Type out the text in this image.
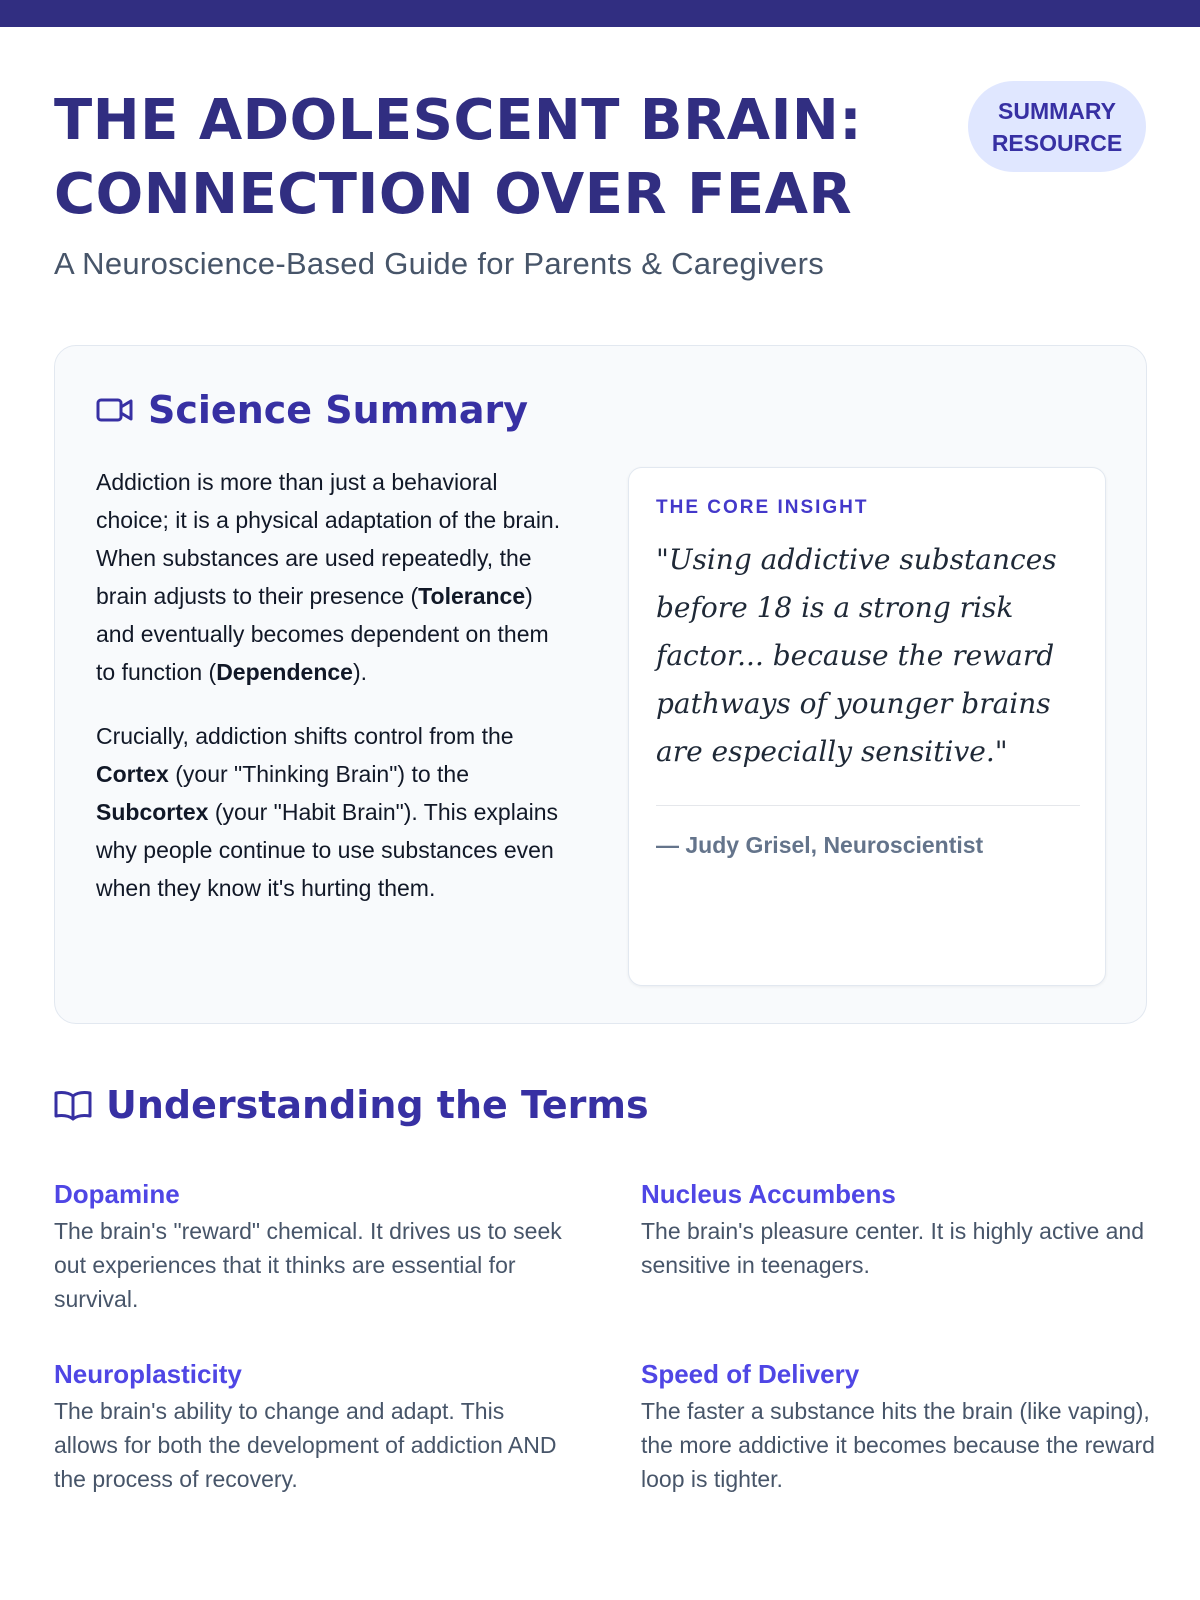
THE ADOLESCENT BRAIN:
CONNECTION OVER FEAR
SUMMARY
RESOURCE
A Neuroscience-Based Guide for Parents & Caregivers
Science Summary

Addiction is more than just a behavioral choice; it is a physical adaptation of the brain. When substances are used repeatedly, the brain adjusts to their presence (Tolerance) and eventually becomes dependent on them to function (Dependence).

Crucially, addiction shifts control from the Cortex (your "Thinking Brain") to the Subcortex (your "Habit Brain"). This explains why people continue to use substances even when they know it's hurting them.

THE CORE INSIGHT
"Using addictive substances before 18 is a strong risk factor... because the reward pathways of younger brains are especially sensitive."
— Judy Grisel, Neuroscientist
Understanding the Terms
Dopamine

The brain's "reward" chemical. It drives us to seek out experiences that it thinks are essential for survival.

Nucleus Accumbens

The brain's pleasure center. It is highly active and sensitive in teenagers.

Neuroplasticity

The brain's ability to change and adapt. This allows for both the development of addiction AND the process of recovery.

Speed of Delivery

The faster a substance hits the brain (like vaping), the more addictive it becomes because the reward loop is tighter.
